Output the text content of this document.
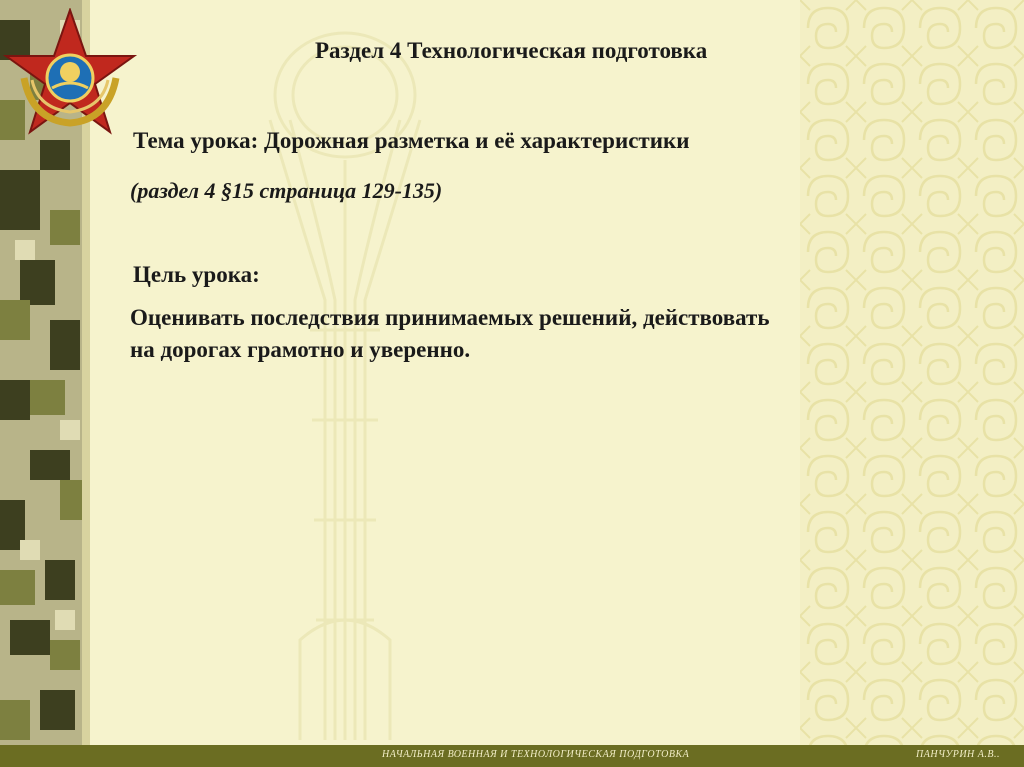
Раздел 4 Технологическая подготовка
Тема урока: Дорожная разметка и её характеристики
(раздел 4 §15 страница 129-135)
Цель урока:
Оценивать последствия принимаемых решений, действовать на дорогах грамотно и уверенно.
НАЧАЛЬНАЯ ВОЕННАЯ И ТЕХНОЛОГИЧЕСКАЯ ПОДГОТОВКА	ПАНЧУРИН А.В..
